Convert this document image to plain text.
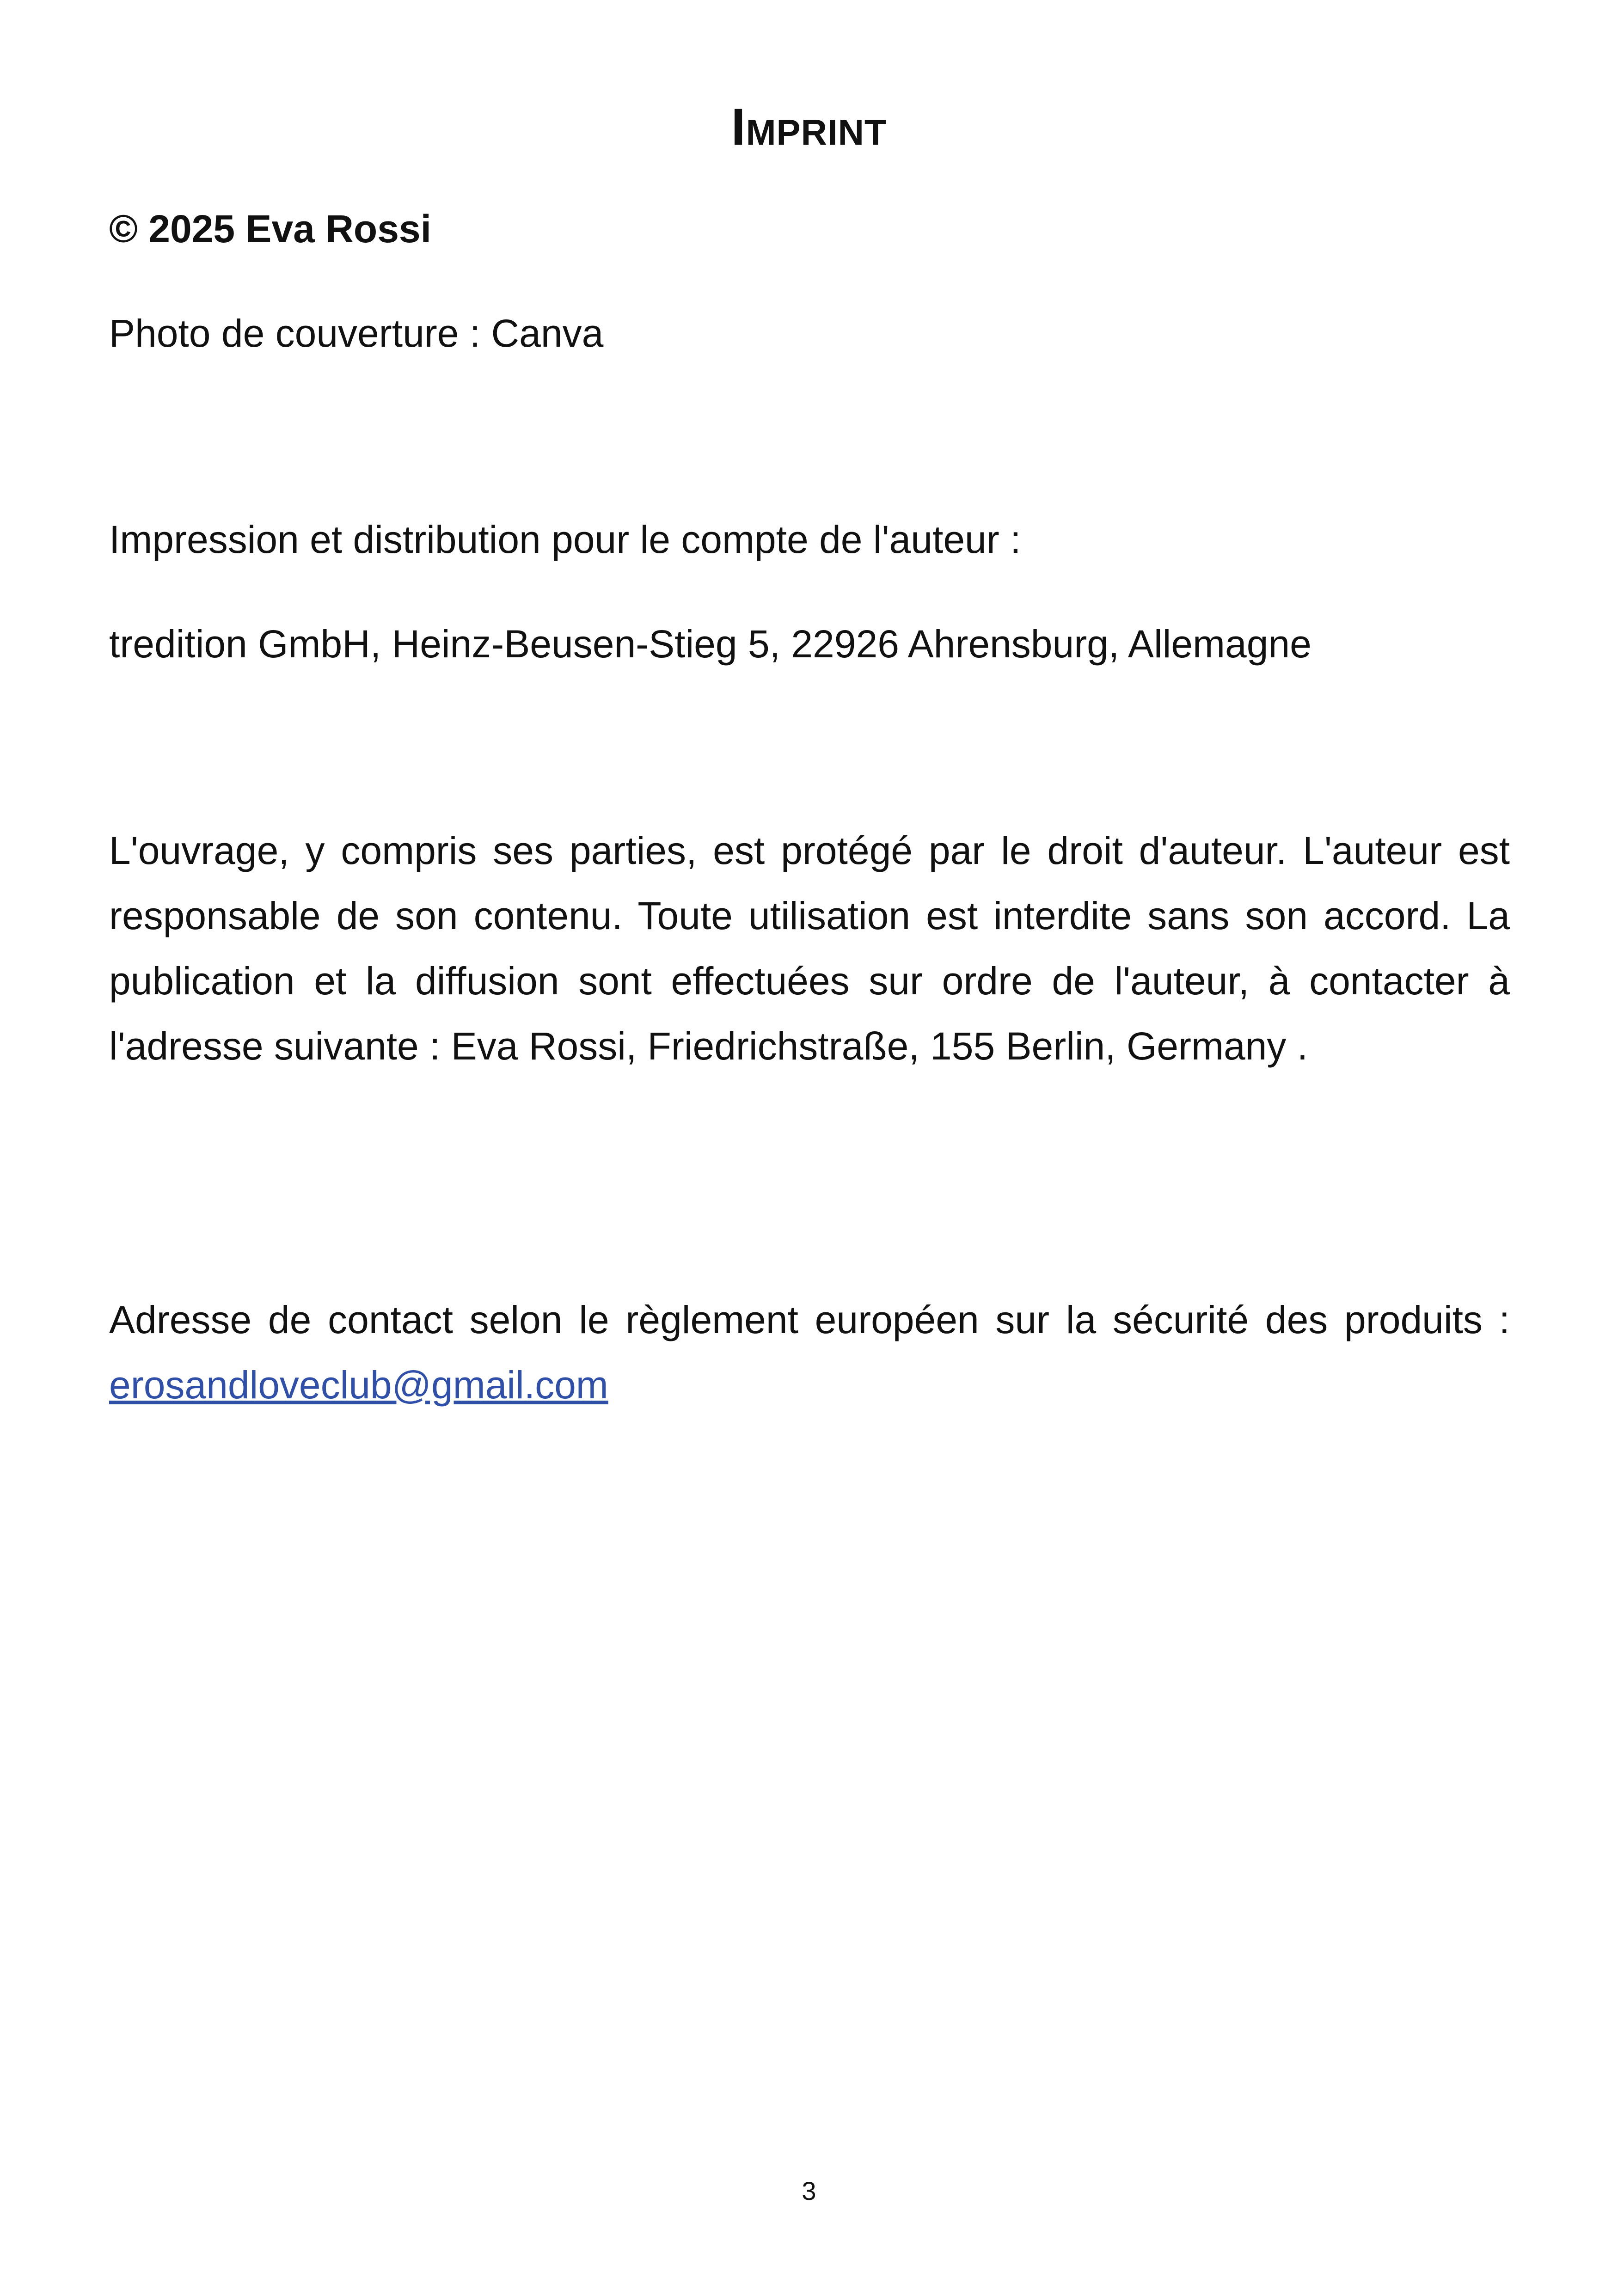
Imprint
© 2025 Eva Rossi
Photo de couverture : Canva
Impression et distribution pour le compte de l'auteur :
tredition GmbH, Heinz-Beusen-Stieg 5, 22926 Ahrensburg, Allemagne
L'ouvrage, y compris ses parties, est protégé par le droit d'auteur. L'auteur est responsable de son contenu. Toute utilisation est interdite sans son accord. La publication et la diffusion sont effectuées sur ordre de l'auteur, à contacter à l'adresse suivante : Eva Rossi, Friedrichstraße, 155 Berlin, Germany .
Adresse de contact selon le règlement européen sur la sécurité des produits : erosandloveclub@gmail.com
3
